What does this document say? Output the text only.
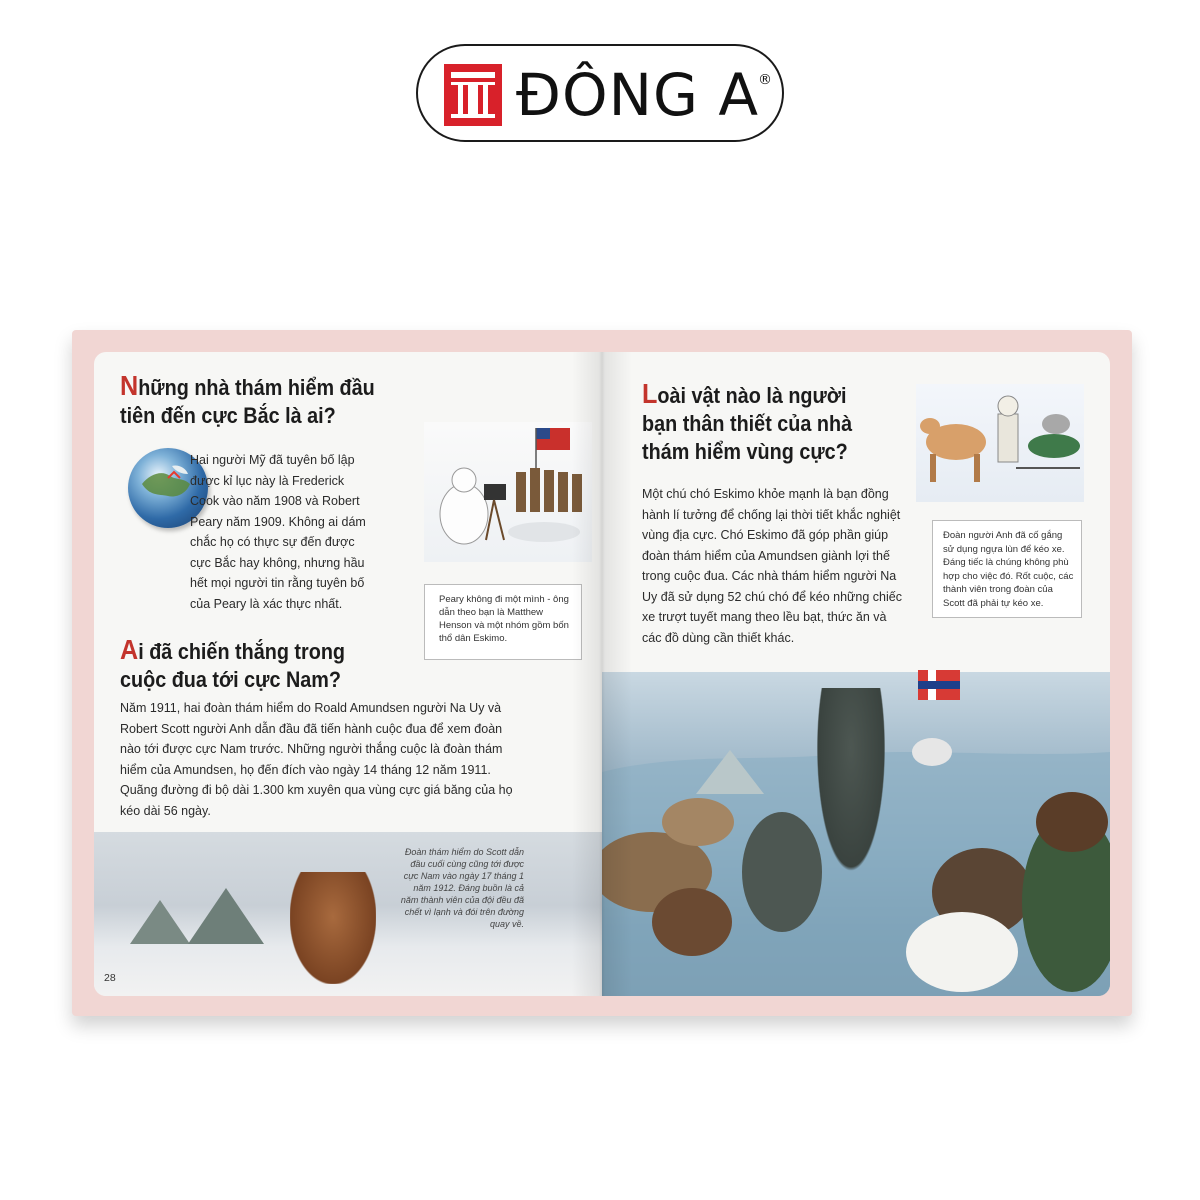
ĐÔNG A
®
Những nhà thám hiểm đầu tiên đến cực Bắc là ai?
Hai người Mỹ đã tuyên bố lập được kỉ lục này là Frederick Cook vào năm 1908 và Robert Peary năm 1909. Không ai dám chắc họ có thực sự đến được cực Bắc hay không, nhưng hầu hết mọi người tin rằng tuyên bố của Peary là xác thực nhất.	Peary không đi một mình - ông dẫn theo bạn là Matthew Henson và một nhóm gồm bốn thổ dân Eskimo.
Ai đã chiến thắng trong cuộc đua tới cực Nam?
Năm 1911, hai đoàn thám hiểm do Roald Amundsen người Na Uy và Robert Scott người Anh dẫn đầu đã tiến hành cuộc đua để xem đoàn nào tới được cực Nam trước. Những người thắng cuộc là đoàn thám hiểm của Amundsen, họ đến đích vào ngày 14 tháng 12 năm 1911. Quãng đường đi bộ dài 1.300 km xuyên qua vùng cực giá băng của họ kéo dài 56 ngày.
Đoàn thám hiểm do Scott dẫn đầu cuối cùng cũng tới được cực Nam vào ngày 17 tháng 1 năm 1912. Đáng buồn là cả năm thành viên của đội đều đã chết vì lạnh và đói trên đường quay về.
28
Loài vật nào là người bạn thân thiết của nhà thám hiểm vùng cực?
Một chú chó Eskimo khỏe mạnh là bạn đồng hành lí tưởng để chống lại thời tiết khắc nghiệt vùng địa cực. Chó Eskimo đã góp phần giúp đoàn thám hiểm của Amundsen giành lợi thế trong cuộc đua. Các nhà thám hiểm người Na Uy đã sử dụng 52 chú chó để kéo những chiếc xe trượt tuyết mang theo lều bạt, thức ăn và các đồ dùng cần thiết khác.
Đoàn người Anh đã cố gắng sử dụng ngựa lùn để kéo xe. Đáng tiếc là chúng không phù hợp cho việc đó. Rốt cuộc, các thành viên trong đoàn của Scott đã phải tự kéo xe.
